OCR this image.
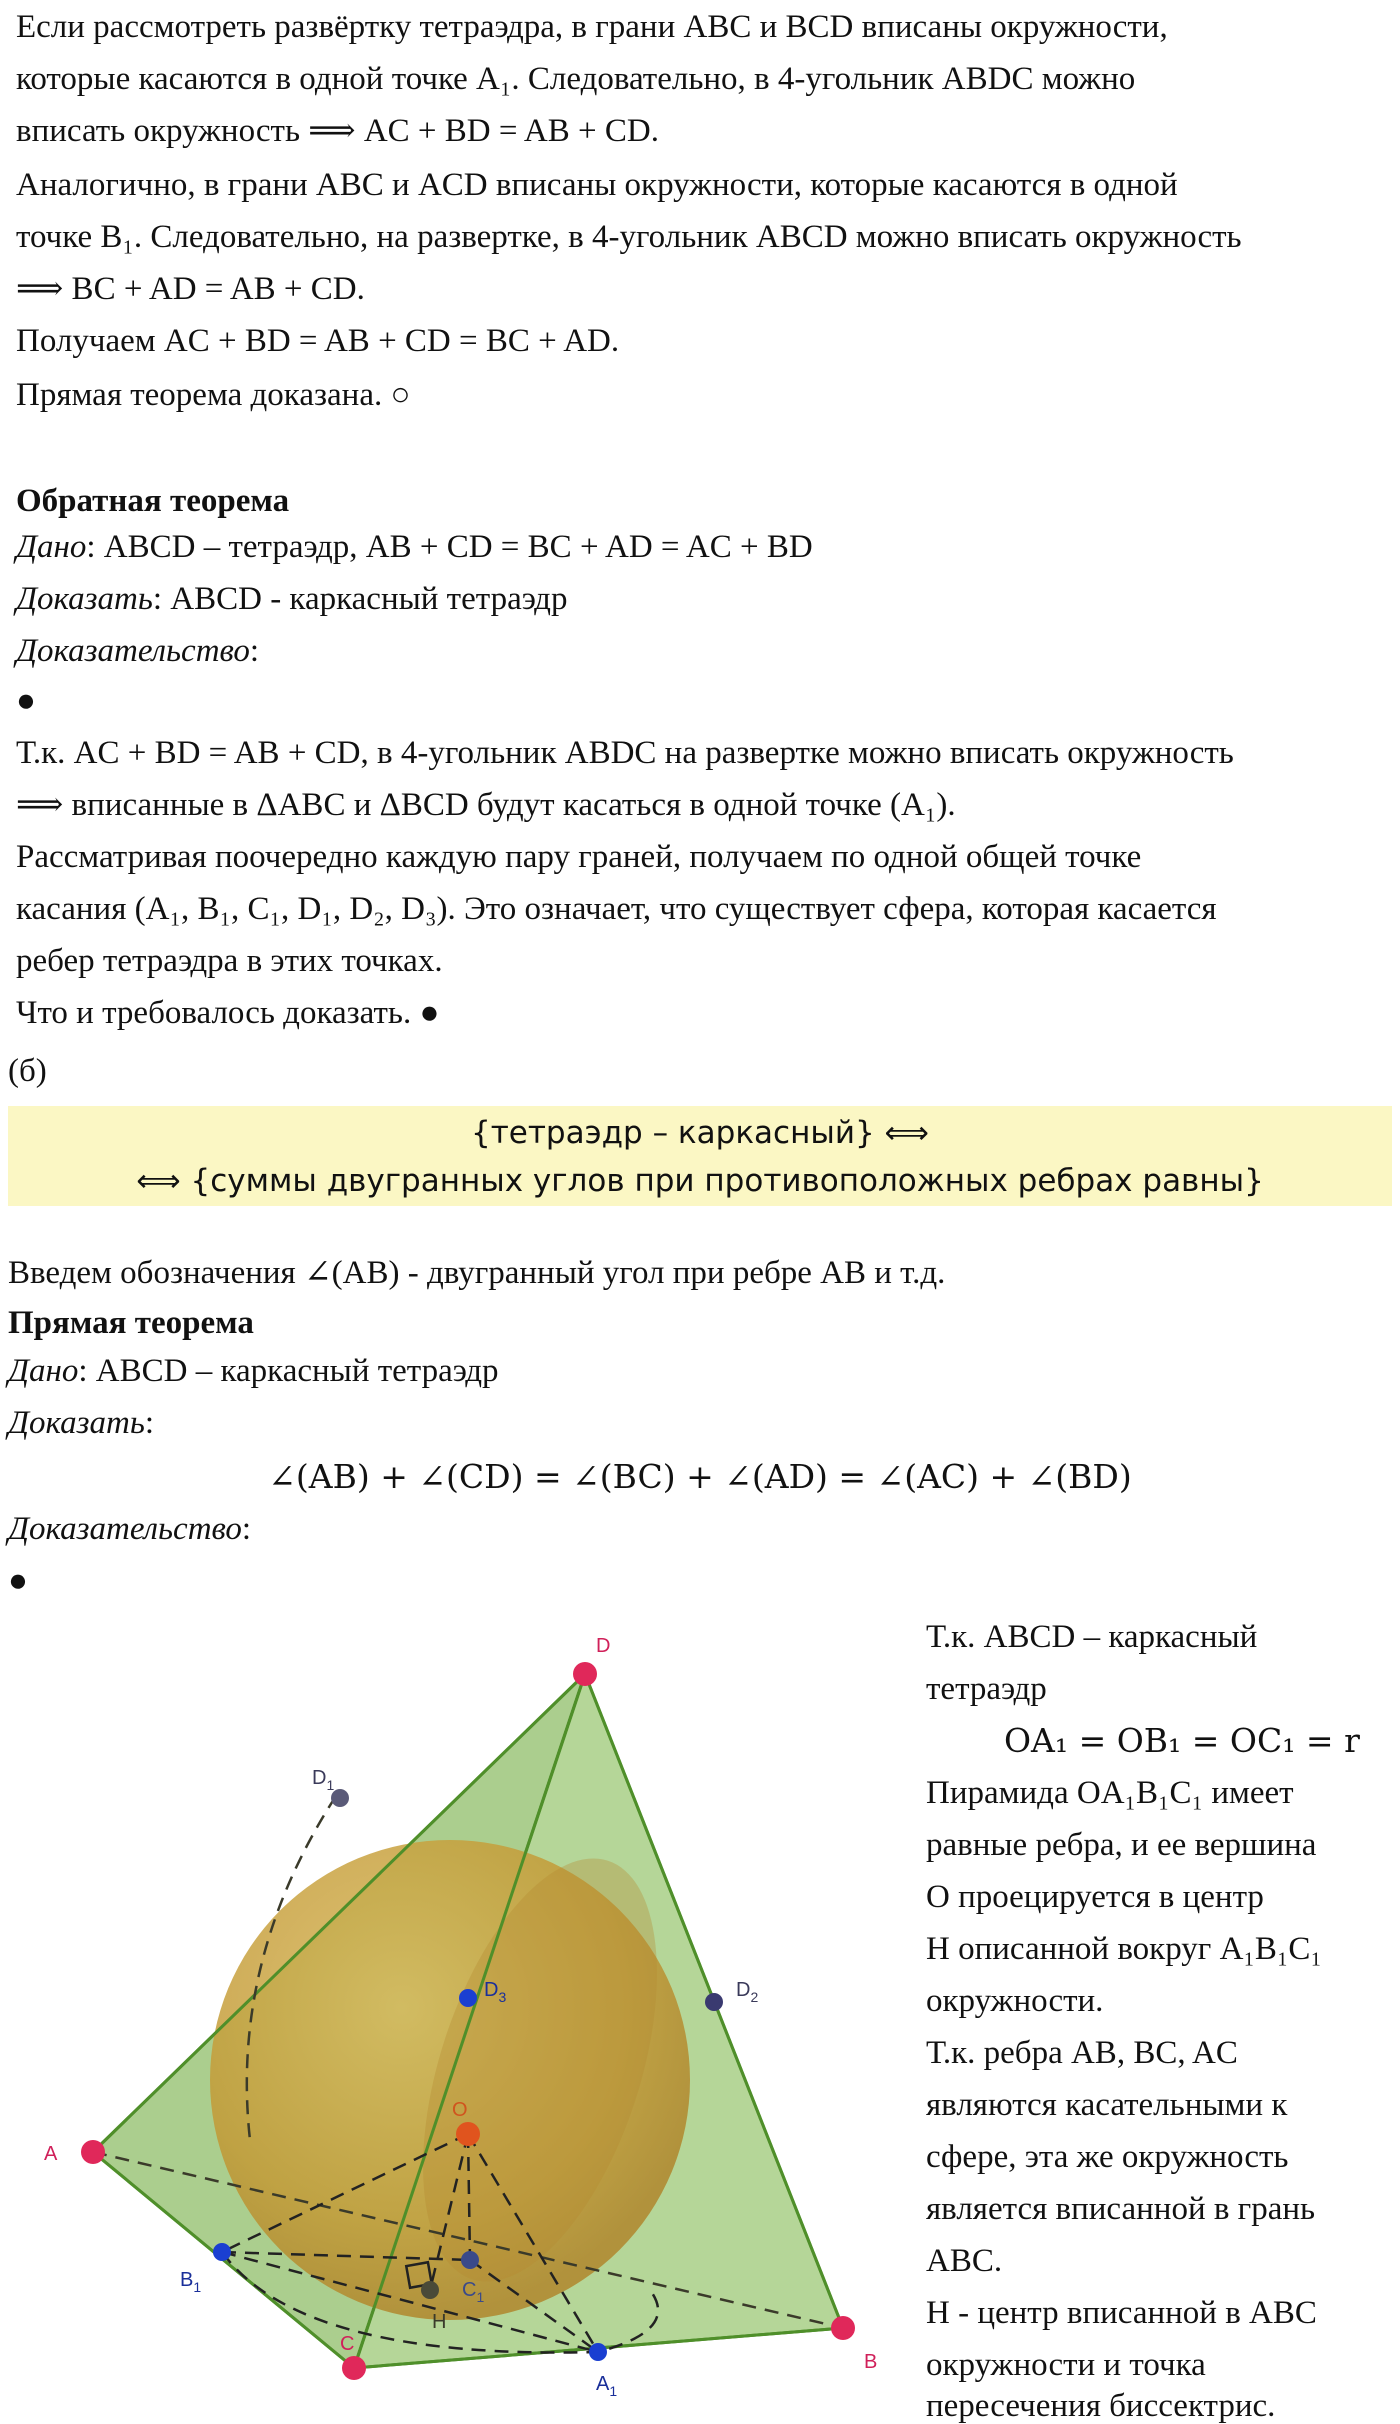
Если рассмотреть развёртку тетраэдра, в грани ABC и BCD вписаны окружности,
которые касаются в одной точке A₁. Следовательно, в 4-угольник ABDC можно
вписать окружность ⟹ AC + BD = AB + CD.
Аналогично, в грани ABC и ACD вписаны окружности, которые касаются в одной
точке B₁. Следовательно, на развертке, в 4-угольник ABCD можно вписать окружность
⟹ BC + AD = AB + CD.
Получаем AC + BD = AB + CD = BC + AD.
Прямая теорема доказана. ○
Обратная теорема
Дано: ABCD – тетраэдр, AB + CD = BC + AD = AC + BD
Доказать: ABCD - каркасный тетраэдр
Доказательство:
●
Т.к. AC + BD = AB + CD, в 4-угольник ABDC на развертке можно вписать окружность
⟹ вписанные в ΔABC и ΔBCD будут касаться в одной точке (A₁).
Рассматривая поочередно каждую пару граней, получаем по одной общей точке
касания (A₁, B₁, C₁, D₁, D₂, D₃). Это означает, что существует сфера, которая касается
ребер тетраэдра в этих точках.
Что и требовалось доказать. ●
(б)
{тетраэдр – каркасный} ⟺
⟺ {суммы двугранных углов при противоположных ребрах равны}
Введем обозначения ∠(AB) - двугранный угол при ребре AB и т.д.
Прямая теорема
Дано: ABCD – каркасный тетраэдр
Доказать:
∠(AB) + ∠(CD) = ∠(BC) + ∠(AD) = ∠(AC) + ∠(BD)
Доказательство:
●
D
A
B
C
O
H
$D_1$
$D_2$
$D_3$
$B_1$	$C_1$
$A_1$
Т.к. ABCD – каркасный
тетраэдр
OA₁ = OB₁ = OC₁ = r
Пирамида OA₁B₁C₁ имеет
равные ребра, и ее вершина
O проецируется в центр
H описанной вокруг A₁B₁C₁
окружности.
Т.к. ребра AB, BC, AC
являются касательными к
сфере, эта же окружность
является вписанной в грань
ABC.
H - центр вписанной в ABC
окружности и точка
пересечения биссектрис.
